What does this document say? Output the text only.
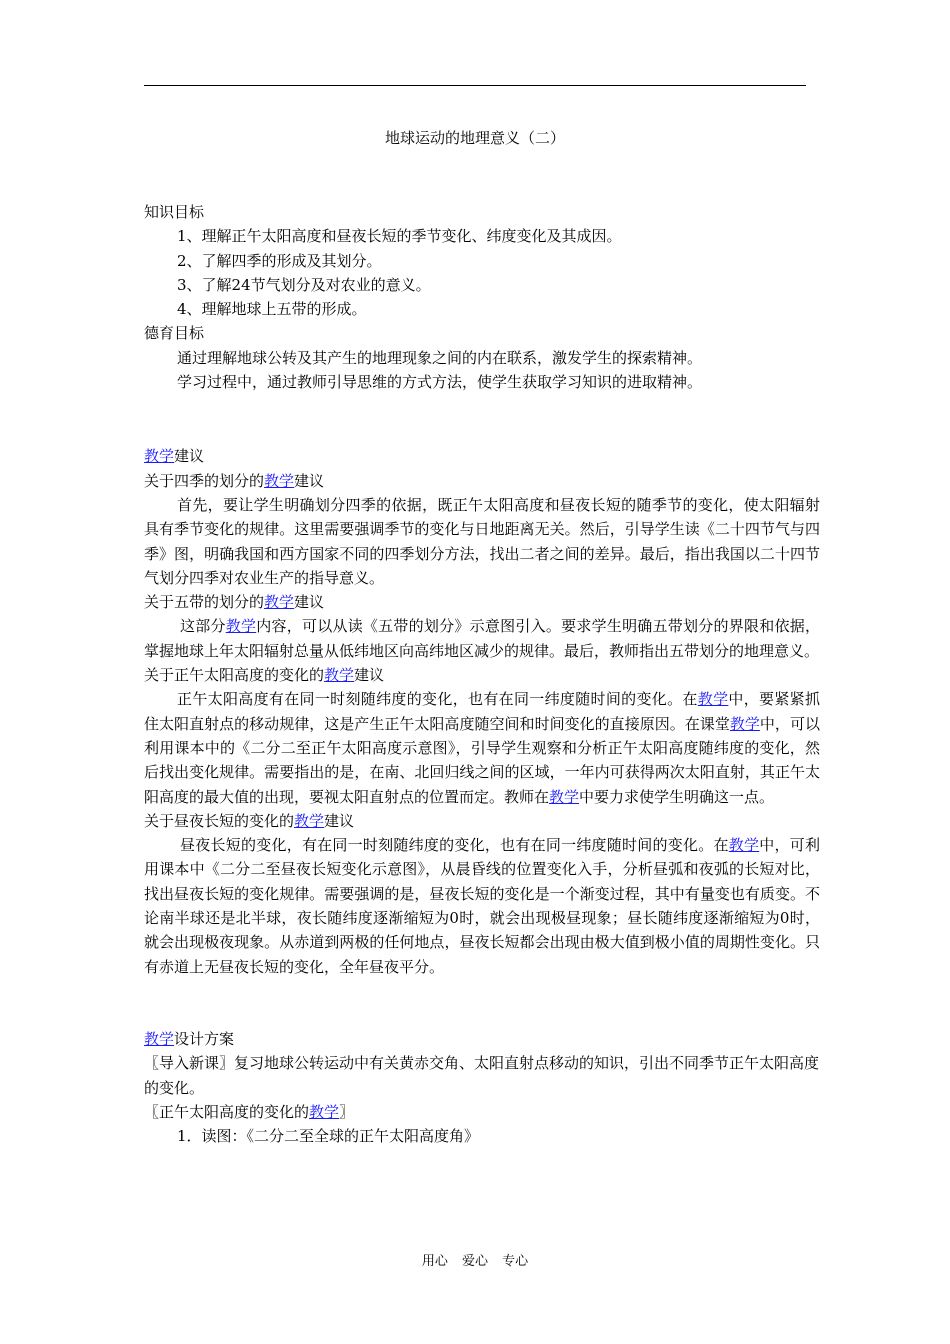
地球运动的地理意义（二）

知识目标

1、理解正午太阳高度和昼夜长短的季节变化、纬度变化及其成因。

2、了解四季的形成及其划分。

3、了解24节气划分及对农业的意义。

4、理解地球上五带的形成。

德育目标

通过理解地球公转及其产生的地理现象之间的内在联系，激发学生的探索精神。

学习过程中，通过教师引导思维的方式方法，使学生获取学习知识的进取精神。

教学建议

关于四季的划分的教学建议

首先，要让学生明确划分四季的依据，既正午太阳高度和昼夜长短的随季节的变化，使太阳辐射具有季节变化的规律。这里需要强调季节的变化与日地距离无关。然后，引导学生读《二十四节气与四季》图，明确我国和西方国家不同的四季划分方法，找出二者之间的差异。最后，指出我国以二十四节气划分四季对农业生产的指导意义。

关于五带的划分的教学建议

这部分教学内容，可以从读《五带的划分》示意图引入。要求学生明确五带划分的界限和依据，掌握地球上年太阳辐射总量从低纬地区向高纬地区减少的规律。最后，教师指出五带划分的地理意义。

关于正午太阳高度的变化的教学建议

正午太阳高度有在同一时刻随纬度的变化，也有在同一纬度随时间的变化。在教学中，要紧紧抓住太阳直射点的移动规律，这是产生正午太阳高度随空间和时间变化的直接原因。在课堂教学中，可以利用课本中的《二分二至正午太阳高度示意图》，引导学生观察和分析正午太阳高度随纬度的变化，然后找出变化规律。需要指出的是，在南、北回归线之间的区域，一年内可获得两次太阳直射，其正午太阳高度的最大值的出现，要视太阳直射点的位置而定。教师在教学中要力求使学生明确这一点。

关于昼夜长短的变化的教学建议

昼夜长短的变化，有在同一时刻随纬度的变化，也有在同一纬度随时间的变化。在教学中，可利用课本中《二分二至昼夜长短变化示意图》，从晨昏线的位置变化入手，分析昼弧和夜弧的长短对比，找出昼夜长短的变化规律。需要强调的是，昼夜长短的变化是一个渐变过程，其中有量变也有质变。不论南半球还是北半球，夜长随纬度逐渐缩短为0时，就会出现极昼现象；昼长随纬度逐渐缩短为0时，就会出现极夜现象。从赤道到两极的任何地点，昼夜长短都会出现由极大值到极小值的周期性变化。只有赤道上无昼夜长短的变化，全年昼夜平分。

教学设计方案

〖导入新课〗复习地球公转运动中有关黄赤交角、太阳直射点移动的知识，引出不同季节正午太阳高度的变化。

〖正午太阳高度的变化的教学〗

1．读图：《二分二至全球的正午太阳高度角》

用心 爱心 专心
